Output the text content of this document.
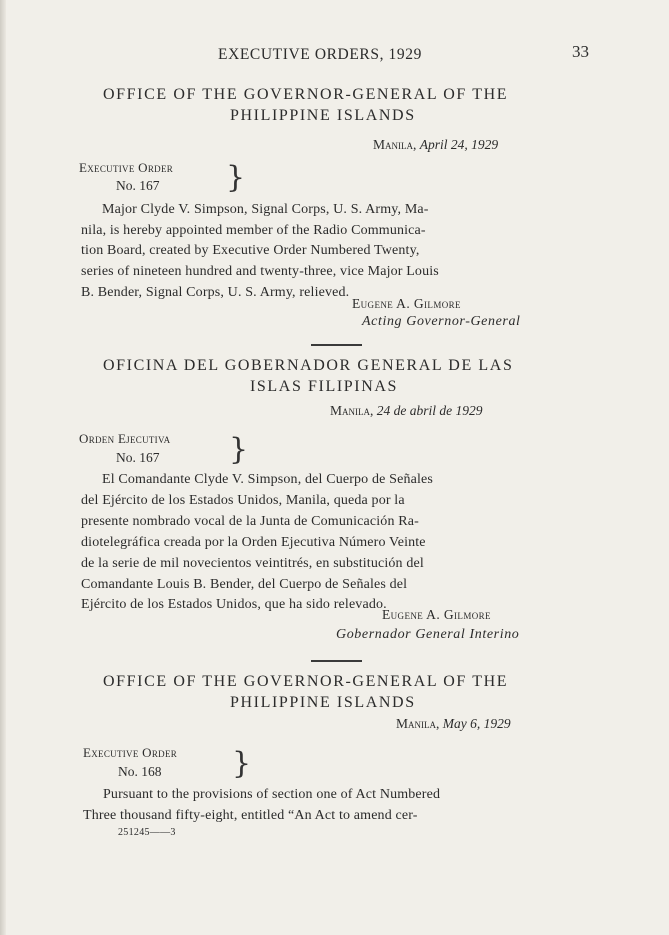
EXECUTIVE ORDERS, 1929	33
OFFICE OF THE GOVERNOR-GENERAL OF THE
PHILIPPINE ISLANDS
Manila, April 24, 1929
Executive Order
No. 167 }
Major Clyde V. Simpson, Signal Corps, U. S. Army, Ma-
nila, is hereby appointed member of the Radio Communica-
tion Board, created by Executive Order Numbered Twenty,
series of nineteen hundred and twenty-three, vice Major Louis
B. Bender, Signal Corps, U. S. Army, relieved.
Eugene A. Gilmore
Acting Governor-General
OFICINA DEL GOBERNADOR GENERAL DE LAS
ISLAS FILIPINAS
Manila, 24 de abril de 1929
Orden Ejecutiva
No. 167 }
El Comandante Clyde V. Simpson, del Cuerpo de Señales
del Ejército de los Estados Unidos, Manila, queda por la
presente nombrado vocal de la Junta de Comunicación Ra-
diotelegráfica creada por la Orden Ejecutiva Número Veinte
de la serie de mil novecientos veintitrés, en substitución del
Comandante Louis B. Bender, del Cuerpo de Señales del
Ejército de los Estados Unidos, que ha sido relevado.
Eugene A. Gilmore
Gobernador General Interino
OFFICE OF THE GOVERNOR-GENERAL OF THE
PHILIPPINE ISLANDS
Manila, May 6, 1929
Executive Order
No. 168 }
Pursuant to the provisions of section one of Act Numbered
Three thousand fifty-eight, entitled “An Act to amend cer-
251245——3
